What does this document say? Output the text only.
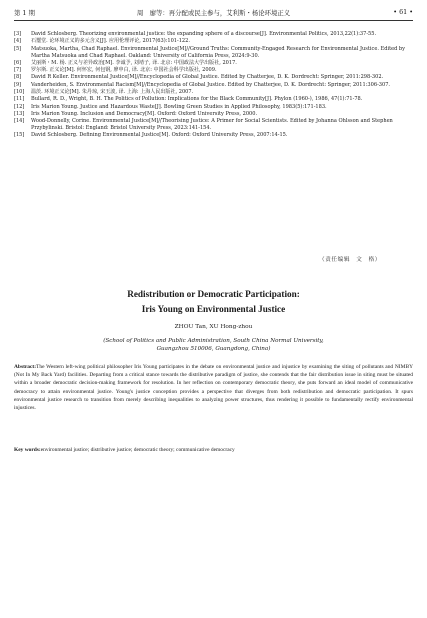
第 1 期	周　廖等：再分配或民主参与，艾利斯・杨论环境正义	• 61 •
[3] David Schlosberg. Theorizing environmental justice: the expanding sphere of a discourse[J]. Environmental Politics, 2013,22(1):37-55.
[4] 石璽堂. 论环境正义的多元含义[J]. 应用伦理评论, 2017(63):101-122.
[5] Matsuoka, Martha, Chad Raphael. Environmental Justice[M]//Ground Truths: Community-Engaged Research for Environmental Justice. Edited by Martha Matsuoka and Chad Raphael. Oakland: University of California Press, 2024:9-30.
[6] 艾丽斯・M. 杨. 正义与差异政治[M]. 李诚予, 刘靖子, 译. 北京: 中国政法大学出版社, 2017.
[7] 罗尔斯. 正义论[M]. 何怀宏, 何包钢, 廖申白, 译. 北京: 中国社会科学出版社, 2009.
[8] David R Keller. Environmental Justice[M]//Encyclopedia of Global Justice. Edited by Chatterjee, D. K. Dordrecht: Springer, 2011:298-302.
[9] Vanderheiden, S. Environmental Racism[M]//Encyclopedia of Global Justice. Edited by Chatterjee, D. K. Dordrecht: Springer, 2011:306-307.
[10] 温茨. 环境正义论[M]. 朱丹琼, 宋玉波, 译. 上海: 上海人民出版社, 2007.
[11] Bullard, R. D., Wright, B. H. The Politics of Pollution: Implications for the Black Community[J]. Phylon (1960-), 1986, 47(1):71-78.
[12] Iris Marion Young. Justice and Hazardous Waste[J]. Bowling Green Studies in Applied Philosophy, 1983(5):171-183.
[13] Iris Marion Young. Inclusion and Democracy[M]. Oxford: Oxford University Press, 2000.
[14] Wood-Donnelly, Corine. Environmental Justice[M]//Theorising Justice: A Primer for Social Scientists. Edited by Johanna Ohlsson and Stephen Przybylinski. Bristol: England: Bristol University Press, 2023:141-154.
[15] David Schlosberg. Defining Environmental Justice[M]. Oxford: Oxford University Press, 2007:14-15.
（责任编辑　文　格）
Redistribution or Democratic Participation:
Iris Young on Environmental Justice
ZHOU Tan, XU Hong-zhou
(School of Politics and Public Administration, South China Normal University,
Guangzhou 510006, Guangdong, China)
Abstract:The Western left-wing political philosopher Iris Young participates in the debate on environmental justice and injustice by examining the siting of pollutants and NIMBY (Not In My Back Yard) facilities. Departing from a critical stance towards the distributive paradigm of justice, she contends that the fair distribution issue in siting must be situated within a broader democratic decision-making framework for resolution. In her reflection on contemporary democratic theory, she puts forward an ideal model of communicative democracy to attain environmental justice. Young's justice conception provides a perspective that diverges from both redistribution and democratic participation. It spurs environmental justice research to transition from merely describing inequalities to analyzing power structures, thus rendering it possible to fundamentally rectify environmental injustices.
Key words:environmental justice; distributive justice; democratic theory; communicative democracy
